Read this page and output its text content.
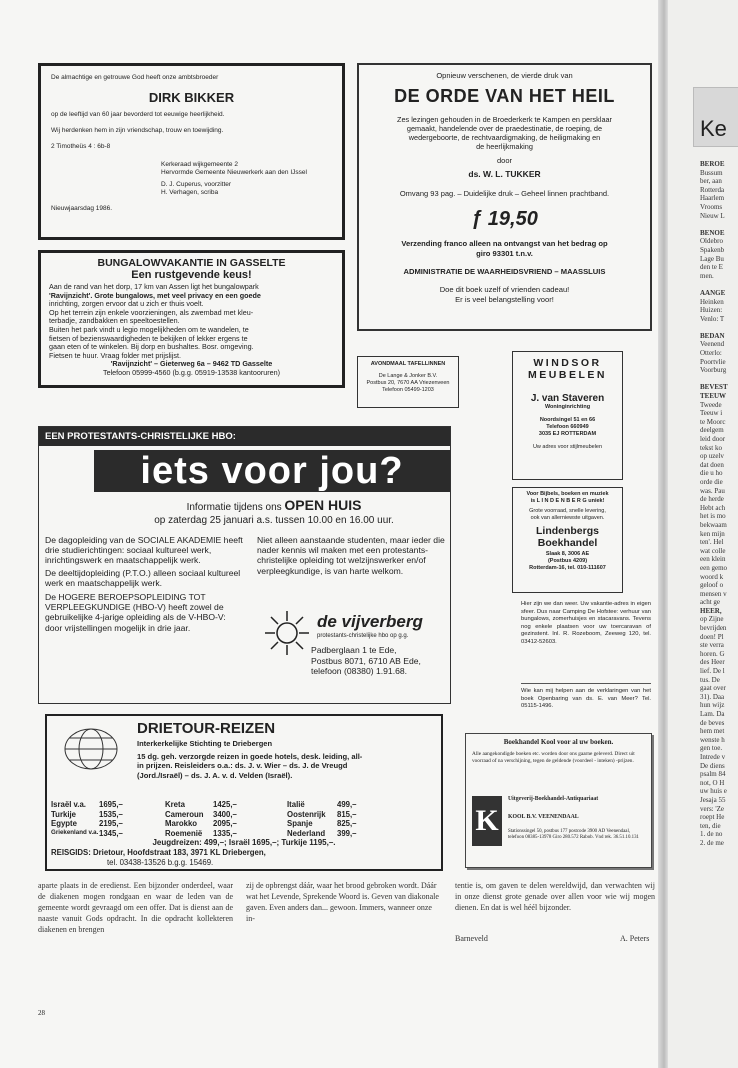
De almachtige en getrouwe God heeft onze ambtsbroeder
DIRK BIKKER
op de leeftijd van 60 jaar bevorderd tot eeuwige heerlijkheid.
Wij herdenken hem in zijn vriendschap, trouw en toewijding.
2 Timotheüs 4 : 6b-8
Kerkeraad wijkgemeente 2
Hervormde Gemeente Nieuwerkerk aan den IJssel
D. J. Cuperus, voorzitter
H. Verhagen, scriba
Nieuwjaarsdag 1986.
BUNGALOWVAKANTIE IN GASSELTE
Een rustgevende keus!
Aan de rand van het dorp, 17 km van Assen ligt het bungalowpark
'Ravijnzicht'. Grote bungalows, met veel privacy en een goede
inrichting, zorgen ervoor dat u zich er thuis voelt.
Op het terrein zijn enkele voorzieningen, als zwembad met kleu-
terbadje, zandbakken en speeltoestellen.
Buiten het park vindt u legio mogelijkheden om te wandelen, te
fietsen of bezienswaardigheden te bekijken of lekker ergens te
gaan eten of te winkelen. Bij dorp en bushaltes. Bosr. omgeving.
Fietsen te huur. Vraag folder met prijslijst.
'Ravijnzicht' – Gieterweg 6a – 9462 TD Gasselte
Telefoon 05999-4560 (b.g.g. 05919-13538 kantooruren)
Opnieuw verschenen, de vierde druk van
DE ORDE VAN HET HEIL
Zes lezingen gehouden in de Broederkerk te Kampen en persklaar
gemaakt, handelende over de praedestinatie, de roeping, de
wedergeboorte, de rechtvaardigmaking, de heiligmaking en
de heerlijkmaking
door
ds. W. L. TUKKER
Omvang 93 pag. – Duidelijke druk – Geheel linnen prachtband.
ƒ 19,50
Verzending franco alleen na ontvangst van het bedrag op
giro 93301 t.n.v.
ADMINISTRATIE DE WAARHEIDSVRIEND – MAASSLUIS
Doe dit boek uzelf of vrienden cadeau!
Er is veel belangstelling voor!
AVONDMAAL TAFELLINNEN
De Lange & Jonker B.V.
Postbus 20, 7670 AA Vriezenveen
Telefoon 05499-1203
WINDSOR
MEUBELEN
J. van Staveren
Woninginrichting
Noordsingel 51 en 66
Telefoon 660949
3035 EJ ROTTERDAM
Uw adres voor stijlmeubelen
Voor Bijbels, boeken en muziek
is L I N D E N B E R G uniek!
Grote voorraad, snelle levering,
ook van allerniewste uitgaven.
Lindenbergs
Boekhandel
Slaak 8, 3006 AE
(Postbus 4209)
Rotterdam-16, tel. 010-111607
Hier zijn we dan weer. Uw vakantie-adres in eigen sfeer. Dus naar Camping De Hofstee: verhuur van bungalows, zomerhuisjes en stacaravans. Tevens nog enkele plaatsen voor uw toercaravan of gezinstent. Inl. R. Rozeboom, Zeeweg 120, tel. 03412-52603.
Wie kan mij helpen aan de verklaringen van het boek Openbaring van ds. E. van Meer? Tel. 05115-1496.
Boekhandel Kool voor al uw boeken.
Alle aangekondigde boeken etc. worden door ons gaarne geleverd. Direct uit voorraad of na verschijning, tegen de geldende (voordeel - inteken) -prijzen.
K
Uitgeverij-Boekhandel-Antiquariaat
KOOL B.V. VEENENDAAL
Stationssingel 50, postbus 177 postcode 3900 AD Veenendaal, telefoon 08385-13978 Giro 280.572 Rabob. Vnd rek. 36.51.10.131
EEN PROTESTANTS-CHRISTELIJKE HBO:
iets voor jou?
Informatie tijdens ons OPEN HUIS
op zaterdag 25 januari a.s. tussen 10.00 en 16.00 uur.
De dagopleiding van de SOCIALE AKADEMIE heeft drie studierichtingen: sociaal kultureel werk, inrichtingswerk en maatschappelijk werk.
De deeltijdopleiding (P.T.O.) alleen sociaal kultureel werk en maatschappelijk werk.
De HOGERE BEROEPSOPLEIDING TOT VERPLEEGKUNDIGE (HBO-V) heeft zowel de gebruikelijke 4-jarige opleiding als de V-HBO-V: door vrijstellingen mogelijk in drie jaar.
Niet alleen aanstaande studenten, maar ieder die nader kennis wil maken met een protestants-christelijke opleiding tot welzijnswerker en/of verpleegkundige, is van harte welkom.
de vijverberg
protestants-christelijke hbo op g.g.
Padberglaan 1 te Ede,
Postbus 8071, 6710 AB Ede,
telefoon (08380) 1.91.68.
DRIETOUR-REIZEN
Interkerkelijke Stichting te Driebergen
15 dg. geh. verzorgde reizen in goede hotels, desk. leiding, all-in prijzen. Reisleiders o.a.: ds. J. v. Wier – ds. J. de Vreugd (Jord./Israël) – ds. J. A. v. d. Velden (Israël).
Israël v.a. 1695,–	Kreta	1425,–	Italië	499,–
Turkije	1535,–	Cameroun 3400,–	Oostenrijk 815,–
Egypte	2195,–	Marokko 2095,–	Spanje	825,–
Griekenland v.a. 1345,–	Roemenië 1335,–	Nederland 399,–
Jeugdreizen: 499,–; Israël 1695,–; Turkije 1195,–.
REISGIDS: Drietour, Hoofdstraat 183, 3971 KL Driebergen,
tel. 03438-13526 b.g.g. 15469.
aparte plaats in de eredienst. Een bijzonder onderdeel, waar de diakenen mogen rondgaan en waar de leden van de gemeente wordt gevraagd om een offer. Dat is dienst aan de naaste vanuit Gods opdracht. In die opdracht kollekteren diakenen en brengen
zij de opbrengst dáár, waar het brood gebroken wordt. Dáár wat het Levende, Sprekende Woord is. Geven van diakonale gaven. Even anders dan... gewoon. Immers, wanneer onze in-
tentie is, om gaven te delen wereldwijd, dan verwachten wij in onze dienst grote genade over allen voor wie wij mogen dienen. En dat is wel héél bijzonder.
Barneveld	A. Peters
28
Ke
BEROE
Bussum
ber, aan
Rotterda
Haarlem
Vrooms
Nieuw L

BENOE
Oldebro
Spakenb
Lage Bu
den te E
men.

AANGE
Heinken
Huizen:
Venlo: T

BEDAN
Veenend
Otterlo:
Poortvlie
Voorburg

BEVEST
TEEUW
Tweede
Teeuw i
te Moorc
deelgem
leid door
tekst ko
op uzelv
dat doen
die u ho
orde die
was. Pau
de herde
Hebt ach
het is mo
bekwaam
ken mijn
ten'. Hel
wat colle
een klein
een gemo
woord k
geloof o
mensen v
acht ge
HEER,
op Zijne
bevrijden
doen! Pl
ste verra
horen. G
des Heer
lief. De l
tus. De
gaat over
31). Daa
hun wijz
Lam. Da
de beves
hem met
wenste h
gen toe.
Intrede v
De diens
psalm 84
not, O H
uw huis e
Jesaja 55
vers: 'Ze
roept He
ten, die
1. de no
2. de me
